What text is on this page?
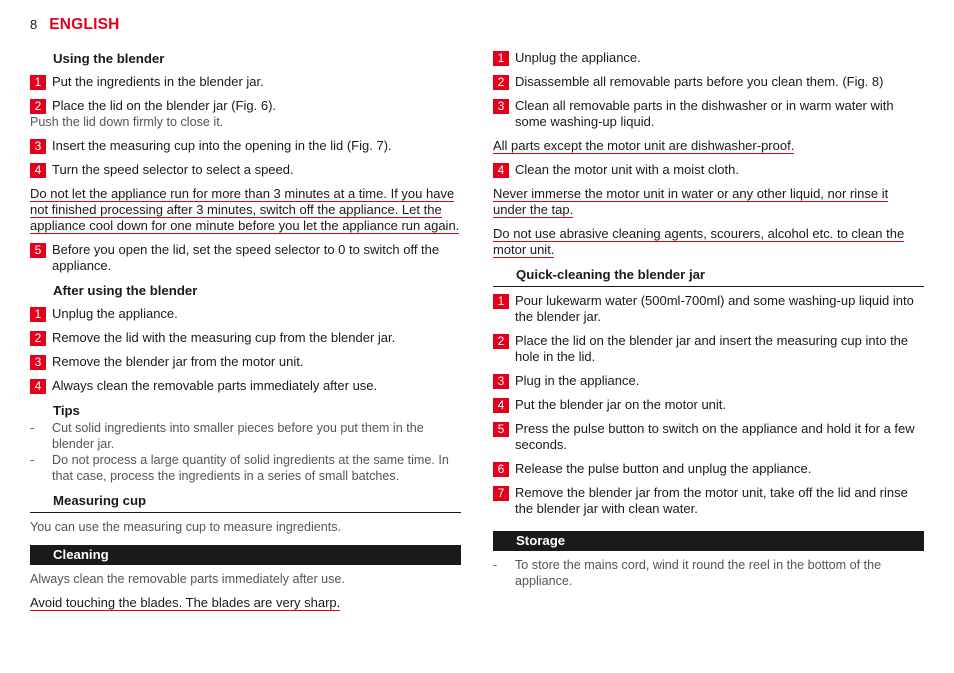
8 ENGLISH
Using the blender
1 Put the ingredients in the blender jar.
2 Place the lid on the blender jar (Fig. 6).
Push the lid down firmly to close it.
3 Insert the measuring cup into the opening in the lid (Fig. 7).
4 Turn the speed selector to select a speed.
Do not let the appliance run for more than 3 minutes at a time. If you have not finished processing after 3 minutes, switch off the appliance. Let the appliance cool down for one minute before you let the appliance run again.
5 Before you open the lid, set the speed selector to 0 to switch off the appliance.
After using the blender
1 Unplug the appliance.
2 Remove the lid with the measuring cup from the blender jar.
3 Remove the blender jar from the motor unit.
4 Always clean the removable parts immediately after use.
Tips
-	Cut solid ingredients into smaller pieces before you put them in the blender jar.
-	Do not process a large quantity of solid ingredients at the same time. In that case, process the ingredients in a series of small batches.
Measuring cup
You can use the measuring cup to measure ingredients.
Cleaning
Always clean the removable parts immediately after use.
Avoid touching the blades. The blades are very sharp.
1 Unplug the appliance.
2 Disassemble all removable parts before you clean them. (Fig. 8)
3 Clean all removable parts in the dishwasher or in warm water with some washing-up liquid.
All parts except the motor unit are dishwasher-proof.
4 Clean the motor unit with a moist cloth.
Never immerse the motor unit in water or any other liquid, nor rinse it under the tap.
Do not use abrasive cleaning agents, scourers, alcohol etc. to clean the motor unit.
Quick-cleaning the blender jar
1 Pour lukewarm water (500ml-700ml) and some washing-up liquid into the blender jar.
2 Place the lid on the blender jar and insert the measuring cup into the hole in the lid.
3 Plug in the appliance.
4 Put the blender jar on the motor unit.
5 Press the pulse button to switch on the appliance and hold it for a few seconds.
6 Release the pulse button and unplug the appliance.
7 Remove the blender jar from the motor unit, take off the lid and rinse the blender jar with clean water.
Storage
-	To store the mains cord, wind it round the reel in the bottom of the appliance.
